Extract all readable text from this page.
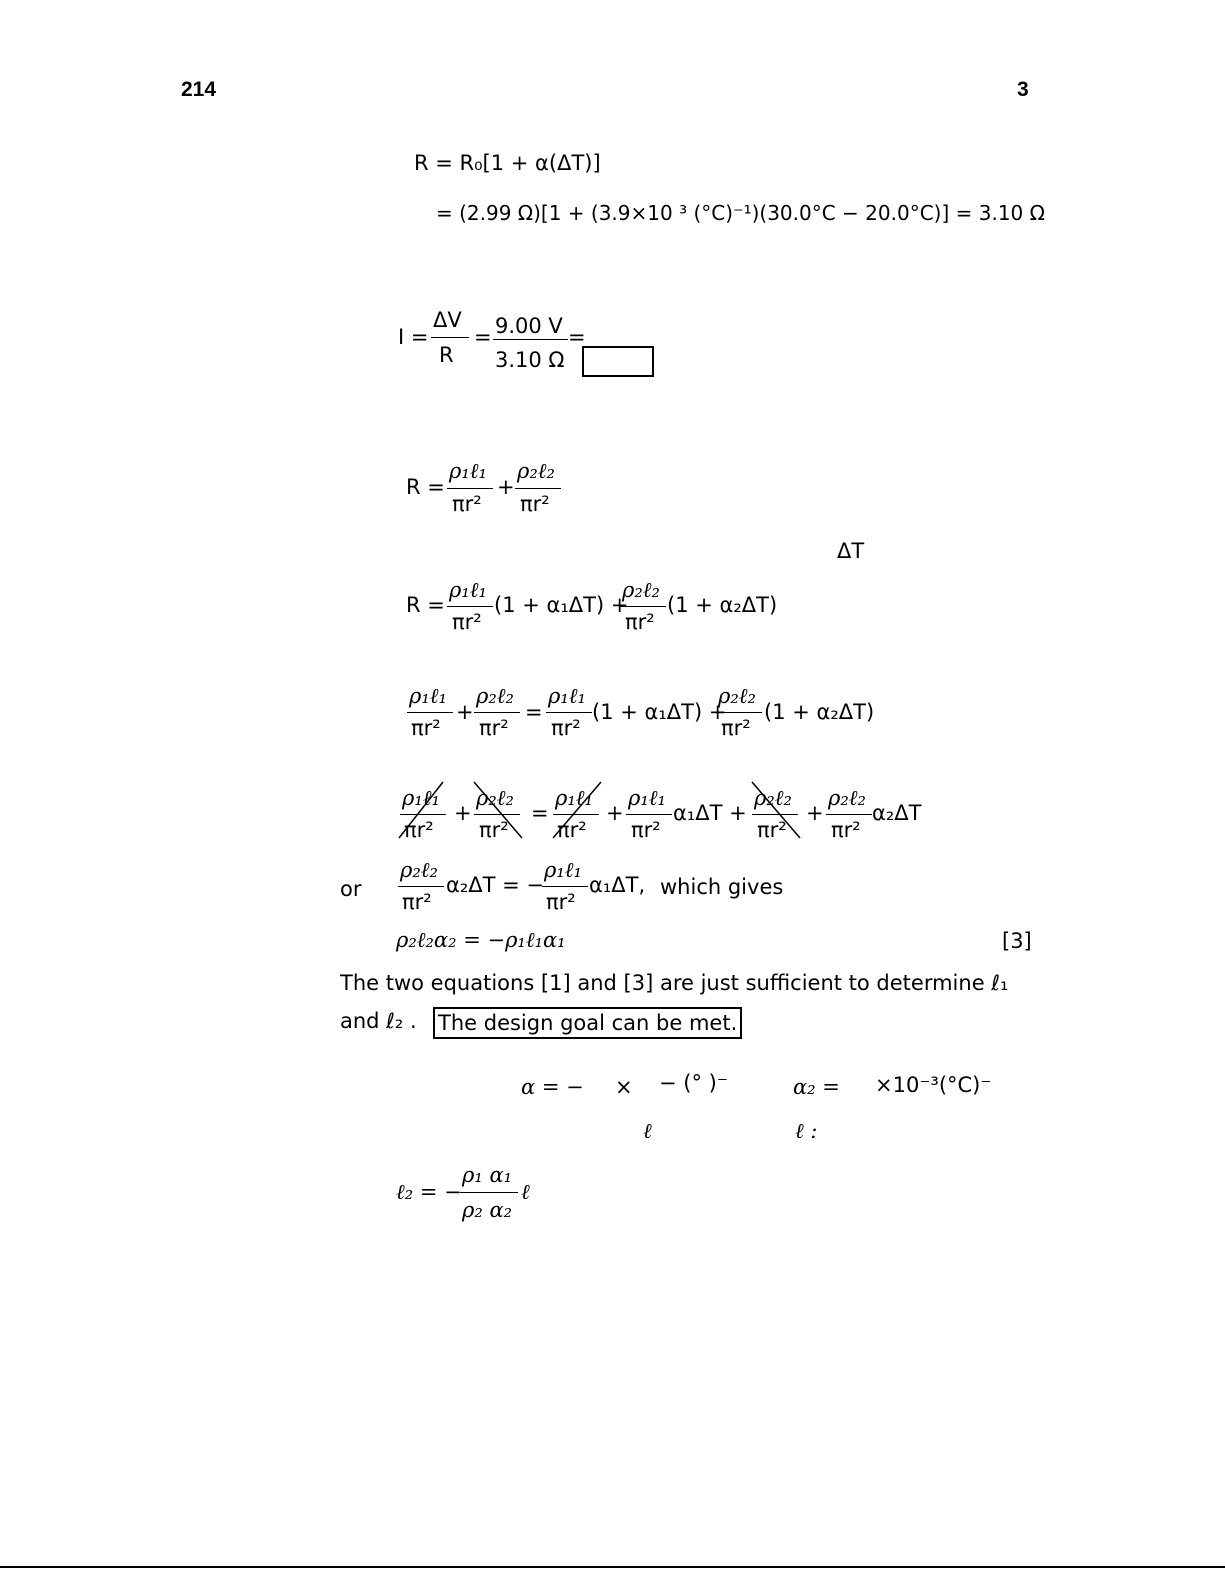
214	3
R = R₀[1 + α(ΔT)]
= (2.99 Ω)[1 + (3.9×10 ³ (°C)⁻¹)(30.0°C − 20.0°C)] = 3.10 Ω
I =
ΔV
R
= 9.00 V
3.10 Ω
=
R =
ρ₁ℓ₁
πr²
+
ρ₂ℓ₂
πr²
ΔT
R =
ρ₁ℓ₁
πr²
(1 + α₁ΔT) +
ρ₂ℓ₂
πr²
(1 + α₂ΔT)
ρ₁ℓ₁
πr²
+
ρ₂ℓ₂
πr²
=
ρ₁ℓ₁
πr²
(1 + α₁ΔT) +
ρ₂ℓ₂
πr²
(1 + α₂ΔT)
ρ₁ℓ₁
πr²
+
ρ₂ℓ₂
πr²
=
ρ₁ℓ₁
πr²
+
ρ₁ℓ₁
πr²
α₁ΔT +
ρ₂ℓ₂
πr²
+
ρ₂ℓ₂
πr²
α₂ΔT
or
ρ₂ℓ₂
πr²
α₂ΔT = −
ρ₁ℓ₁
πr²
α₁ΔT, which gives
ρ₂ℓ₂α₂ = −ρ₁ℓ₁α₁	[3]
The two equations [1] and [3] are just sufficient to determine ℓ₁
and ℓ₂ . The design goal can be met.
α = − × − (° )⁻	α₂ = ×10⁻³(°C)⁻
ℓ	ℓ :
ℓ₂ = −
ρ₁ α₁
ρ₂ α₂
ℓ
